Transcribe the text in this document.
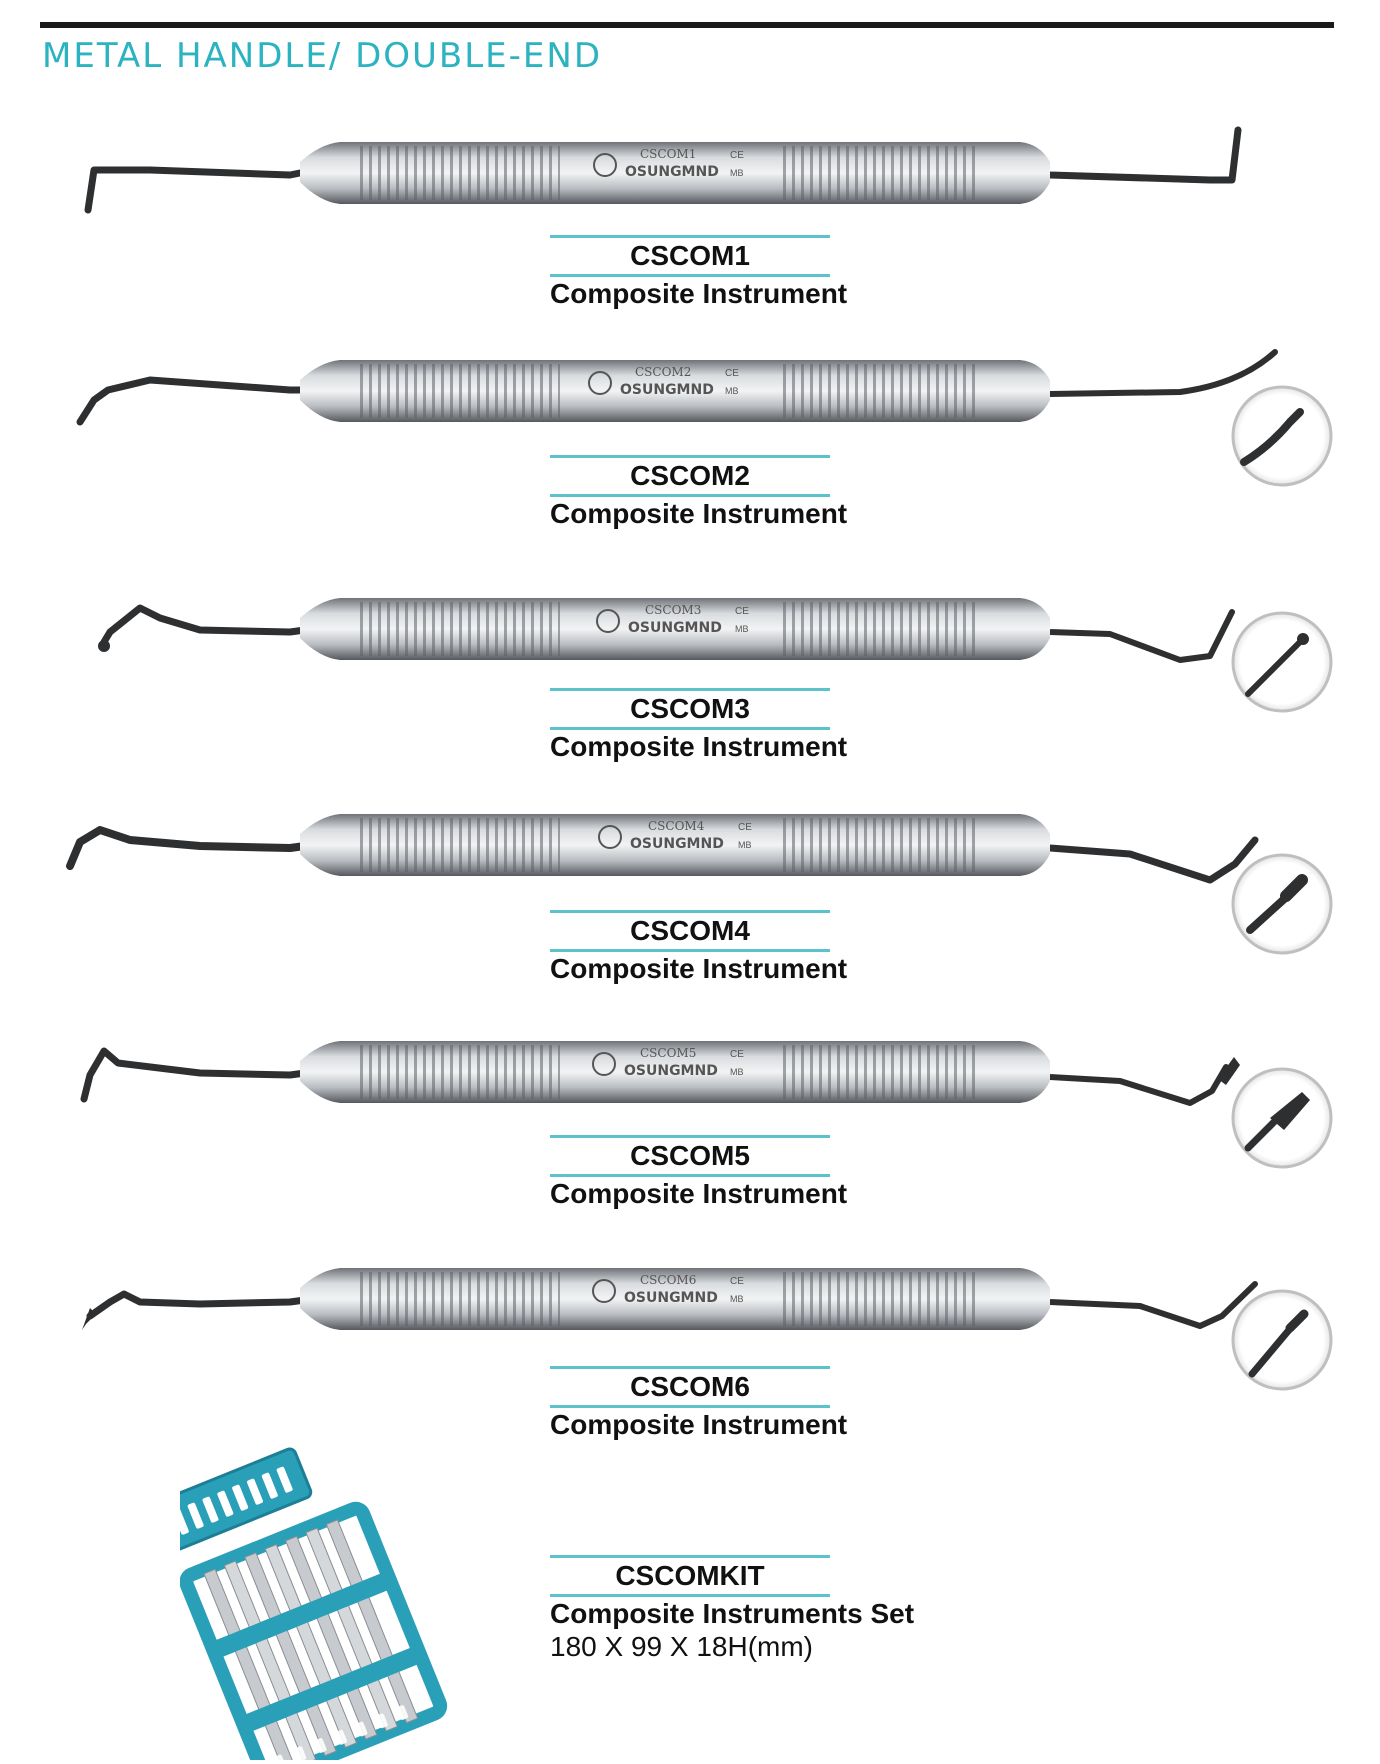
METAL HANDLE/ DOUBLE-END
CSCOM1
OSUNGMND
CE
MB
CSCOM1
Composite Instrument
CSCOM2
OSUNGMND
CE
MB
CSCOM2
Composite Instrument
CSCOM3
OSUNGMND
CE
MB
CSCOM3
Composite Instrument
CSCOM4
OSUNGMND
CE
MB
CSCOM4
Composite Instrument
CSCOM5
OSUNGMND
CE
MB
CSCOM5
Composite Instrument
CSCOM6
OSUNGMND
CE
MB
CSCOM6
Composite Instrument
CSCOMKIT
Composite Instruments Set
180 X 99 X 18H(mm)
